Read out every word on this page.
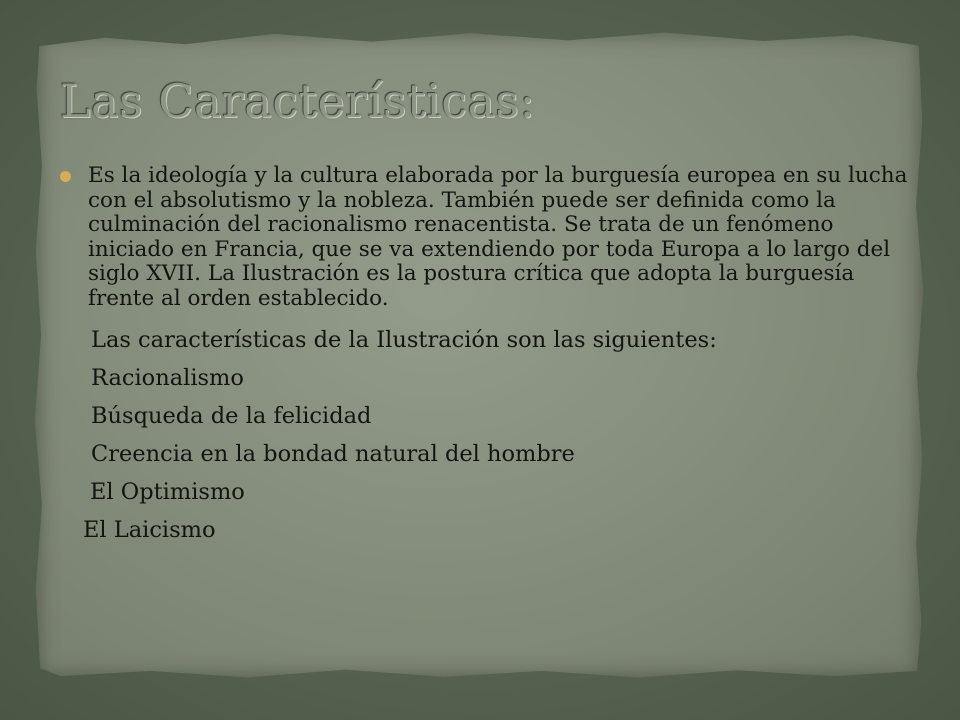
Las Características:

Es la ideología y la cultura elaborada por la burguesía europea en su lucha con el absolutismo y la nobleza. También puede ser definida como la culminación del racionalismo renacentista. Se trata de un fenómeno iniciado en Francia, que se va extendiendo por toda Europa a lo largo del siglo XVII. La Ilustración es la postura crítica que adopta la burguesía frente al orden establecido.

Las características de la Ilustración son las siguientes:

Racionalismo

Búsqueda de la felicidad

Creencia en la bondad natural del hombre

El Optimismo

El Laicismo
